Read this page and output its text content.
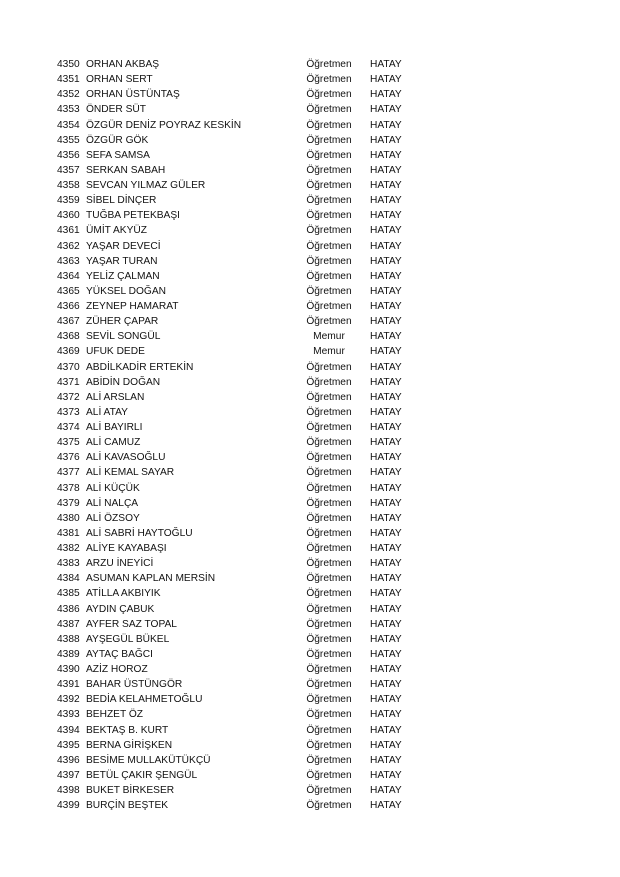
4350 ORHAN AKBAŞ	Öğretmen	HATAY
4351 ORHAN SERT	Öğretmen	HATAY
4352 ORHAN ÜSTÜNTAŞ	Öğretmen	HATAY
4353 ÖNDER SÜT	Öğretmen	HATAY
4354 ÖZGÜR DENİZ POYRAZ KESKİN	Öğretmen	HATAY
4355 ÖZGÜR GÖK	Öğretmen	HATAY
4356 SEFA SAMSA	Öğretmen	HATAY
4357 SERKAN SABAH	Öğretmen	HATAY
4358 SEVCAN YILMAZ GÜLER	Öğretmen	HATAY
4359 SİBEL DİNÇER	Öğretmen	HATAY
4360 TUĞBA PETEKBAŞI	Öğretmen	HATAY
4361 ÜMİT AKYÜZ	Öğretmen	HATAY
4362 YAŞAR DEVECİ	Öğretmen	HATAY
4363 YAŞAR TURAN	Öğretmen	HATAY
4364 YELİZ ÇALMAN	Öğretmen	HATAY
4365 YÜKSEL DOĞAN	Öğretmen	HATAY
4366 ZEYNEP HAMARAT	Öğretmen	HATAY
4367 ZÜHER ÇAPAR	Öğretmen	HATAY
4368 SEVİL SONGÜL	Memur	HATAY
4369 UFUK DEDE	Memur	HATAY
4370 ABDİLKADİR ERTEKİN	Öğretmen	HATAY
4371 ABİDİN DOĞAN	Öğretmen	HATAY
4372 ALİ ARSLAN	Öğretmen	HATAY
4373 ALİ ATAY	Öğretmen	HATAY
4374 ALİ BAYIRLI	Öğretmen	HATAY
4375 ALİ CAMUZ	Öğretmen	HATAY
4376 ALİ KAVASOĞLU	Öğretmen	HATAY
4377 ALİ KEMAL SAYAR	Öğretmen	HATAY
4378 ALİ KÜÇÜK	Öğretmen	HATAY
4379 ALİ NALÇA	Öğretmen	HATAY
4380 ALİ ÖZSOY	Öğretmen	HATAY
4381 ALİ SABRİ HAYTOĞLU	Öğretmen	HATAY
4382 ALİYE KAYABAŞI	Öğretmen	HATAY
4383 ARZU İNEYİCİ	Öğretmen	HATAY
4384 ASUMAN KAPLAN MERSİN	Öğretmen	HATAY
4385 ATİLLA AKBIYIK	Öğretmen	HATAY
4386 AYDIN ÇABUK	Öğretmen	HATAY
4387 AYFER SAZ TOPAL	Öğretmen	HATAY
4388 AYŞEGÜL BÜKEL	Öğretmen	HATAY
4389 AYTAÇ BAĞCI	Öğretmen	HATAY
4390 AZİZ HOROZ	Öğretmen	HATAY
4391 BAHAR ÜSTÜNGÖR	Öğretmen	HATAY
4392 BEDİA KELAHMETOĞLU	Öğretmen	HATAY
4393 BEHZET ÖZ	Öğretmen	HATAY
4394 BEKTAŞ B. KURT	Öğretmen	HATAY
4395 BERNA GİRİŞKEN	Öğretmen	HATAY
4396 BESİME MULLAKÜTÜKÇÜ	Öğretmen	HATAY
4397 BETÜL ÇAKIR ŞENGÜL	Öğretmen	HATAY
4398 BUKET BİRKESER	Öğretmen	HATAY
4399 BURÇİN BEŞTEK	Öğretmen	HATAY
